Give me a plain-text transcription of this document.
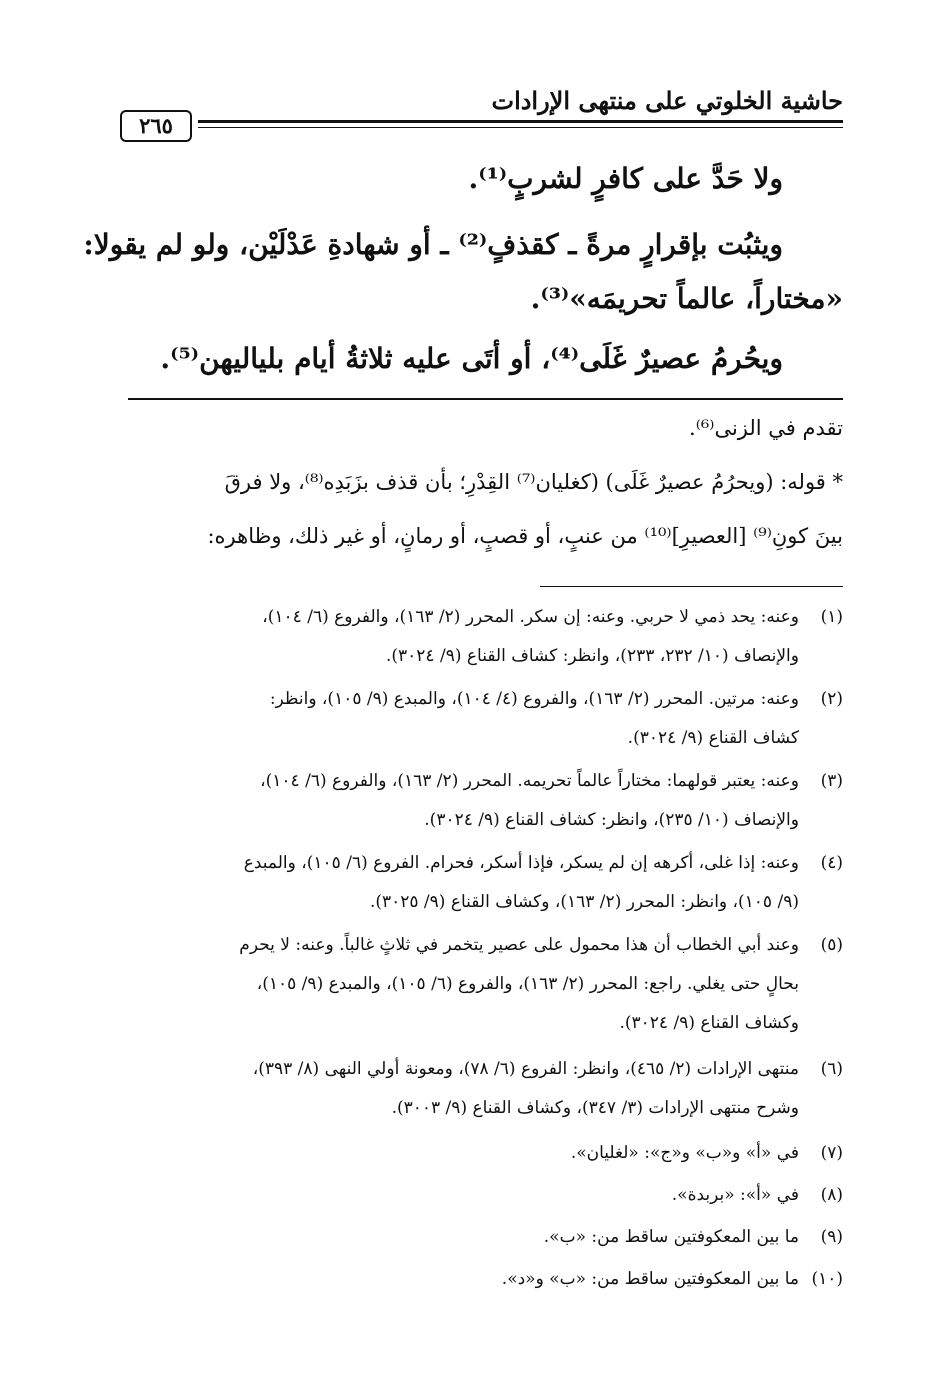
حاشية الخلوتي على منتهى الإرادات
٢٦٥
ولا حَدَّ على كافرٍ لشربٍ⁽¹⁾.
ويثبُت بإقرارٍ مرةً ـ كقذفٍ⁽²⁾ ـ أو شهادةِ عَدْلَيْن، ولو لم يقولا:
«مختاراً، عالماً تحريمَه»⁽³⁾.
ويحُرمُ عصيرٌ غَلَى⁽⁴⁾، أو أتَى عليه ثلاثةُ أيام بلياليهن⁽⁵⁾.
تقدم في الزنى⁽⁶⁾.
* قوله: (ويحرُمُ عصيرٌ غَلَى) (كغليان⁽⁷⁾ القِدْرِ؛ بأن قذف بزَبَدِه⁽⁸⁾، ولا فرقَ
بينَ كونِ⁽⁹⁾ [العصيرِ]⁽¹⁰⁾ من عنبٍ، أو قصبٍ، أو رمانٍ، أو غير ذلك، وظاهره:
(١)وعنه: يحد ذمي لا حربي. وعنه: إن سكر. المحرر (٢/ ١٦٣)، والفروع (٦/ ١٠٤)،
والإنصاف (١٠/ ٢٣٢، ٢٣٣)، وانظر: كشاف القناع (٩/ ٣٠٢٤).
(٢)وعنه: مرتين. المحرر (٢/ ١٦٣)، والفروع (٤/ ١٠٤)، والمبدع (٩/ ١٠٥)، وانظر:
كشاف القناع (٩/ ٣٠٢٤).
(٣)وعنه: يعتبر قولهما: مختاراً عالماً تحريمه. المحرر (٢/ ١٦٣)، والفروع (٦/ ١٠٤)،
والإنصاف (١٠/ ٢٣٥)، وانظر: كشاف القناع (٩/ ٣٠٢٤).
(٤)وعنه: إذا غلى، أكرهه إن لم يسكر، فإذا أسكر، فحرام. الفروع (٦/ ١٠٥)، والمبدع
(٩/ ١٠٥)، وانظر: المحرر (٢/ ١٦٣)، وكشاف القناع (٩/ ٣٠٢٥).
(٥)وعند أبي الخطاب أن هذا محمول على عصير يتخمر في ثلاثٍ غالباً. وعنه: لا يحرم
بحالٍ حتى يغلي. راجع: المحرر (٢/ ١٦٣)، والفروع (٦/ ١٠٥)، والمبدع (٩/ ١٠٥)،
وكشاف القناع (٩/ ٣٠٢٤).
(٦)منتهى الإرادات (٢/ ٤٦٥)، وانظر: الفروع (٦/ ٧٨)، ومعونة أولي النهى (٨/ ٣٩٣)،
وشرح منتهى الإرادات (٣/ ٣٤٧)، وكشاف القناع (٩/ ٣٠٠٣).
(٧)في «أ» و«ب» و«ج»: «لغليان».
(٨)في «أ»: «بربدة».
(٩)ما بين المعكوفتين ساقط من: «ب».
(١٠)ما بين المعكوفتين ساقط من: «ب» و«د».
